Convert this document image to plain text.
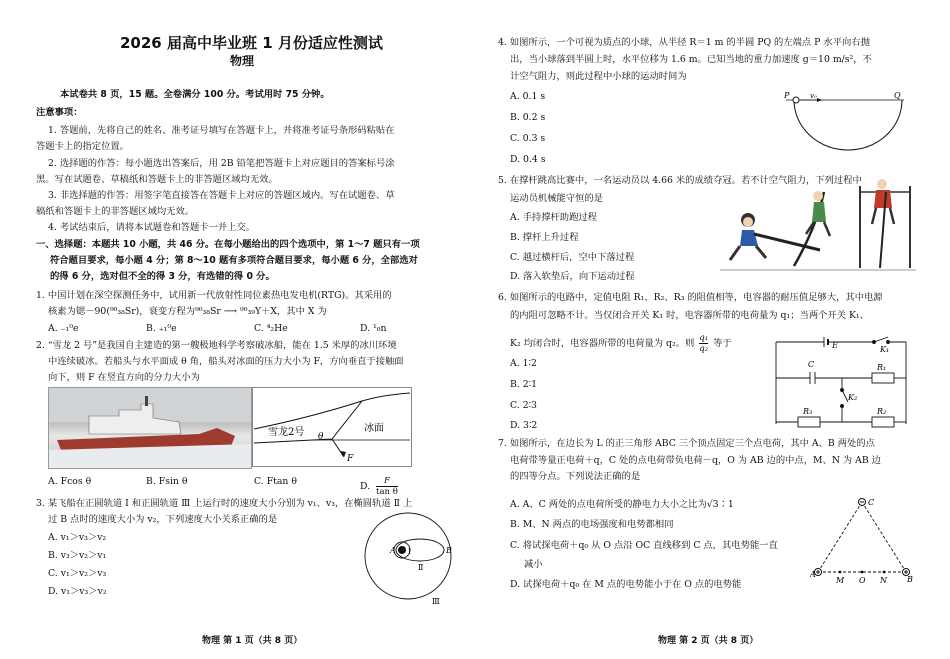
2026 届高中毕业班 1 月份适应性测试
物理
本试卷共 8 页，15 题。全卷满分 100 分。考试用时 75 分钟。
注意事项：
1. 答题前，先将自己的姓名、准考证号填写在答题卡上，并将准考证号条形码粘贴在
答题卡上的指定位置。
2. 选择题的作答：每小题选出答案后，用 2B 铅笔把答题卡上对应题目的答案标号涂
黑。写在试题卷、草稿纸和答题卡上的非答题区域均无效。
3. 非选择题的作答：用签字笔直接答在答题卡上对应的答题区域内。写在试题卷、草
稿纸和答题卡上的非答题区域均无效。
4. 考试结束后，请将本试题卷和答题卡一并上交。
一、选择题：本题共 10 小题，共 46 分。在每小题给出的四个选项中，第 1～7 题只有一项
符合题目要求，每小题 4 分；第 8～10 题有多项符合题目要求，每小题 6 分，全部选对
的得 6 分，选对但不全的得 3 分，有选错的得 0 分。
1. 中国计划在深空探测任务中，试用新一代放射性同位素热电发电机(RTG)。其采用的
核素为锶－90(⁹⁰₃₈Sr)，衰变方程为⁹⁰₃₈Sr ⟶ ⁹⁰₃₉Y＋X，其中 X 为
A. ₋₁⁰e	B. ₊₁⁰e	C. ⁴₂He	D. ¹₀n
2. “雪龙 2 号”是我国自主建造的第一艘极地科学考察破冰船，能在 1.5 米厚的冰川环境
中连续破冰。若船头与水平面成 θ 角，船头对冰面的压力大小为 F，方向垂直于接触面
向下，则 F 在竖直方向的分力大小为
雪龙2号	冰面
θ
F
A. Fcos θ	B. Fsin θ	C. Ftan θ	D. $\frac{F}{\text{tan θ}}$
3. 某飞船在正圆轨道 Ⅰ 和正圆轨道 Ⅲ 上运行时的速度大小分别为 v₁、v₃，在椭圆轨道 Ⅱ 上
过 B 点时的速度大小为 v₂，下列速度大小关系正确的是
A. v₁＞v₃＞v₂
B. v₃＞v₂＞v₁
C. v₁＞v₂＞v₃
D. v₁＞v₃＞v₂
A	B
Ⅰ
Ⅱ
Ⅲ
物理 第 1 页（共 8 页）
4. 如图所示，一个可视为质点的小球，从半径 R＝1 m 的半圆 PQ 的左端点 P 水平向右抛
出，当小球落到半圆上时，水平位移为 1.6 m。已知当地的重力加速度 g＝10 m/s²，不
计空气阻力，则此过程中小球的运动时间为
A. 0.1 s
B. 0.2 s
C. 0.3 s
D. 0.4 s
P	v₀	Q
5. 在撑杆跳高比赛中，一名运动员以 4.66 米的成绩夺冠。若不计空气阻力，下列过程中
运动员机械能守恒的是
A. 手持撑杆助跑过程
B. 撑杆上升过程
C. 越过横杆后，空中下落过程
D. 落入软垫后，向下运动过程
6. 如图所示的电路中，定值电阻 R₁、R₂、R₃ 的阻值相等，电容器的耐压值足够大，其中电源
的内阻可忽略不计。当仅闭合开关 K₁ 时，电容器所带的电荷量为 q₁；当两个开关 K₁、
K₂ 均闭合时，电容器所带的电荷量为 q₂。则 $\frac{\text{q₁}}{\text{q₂}}$ 等于
A. 1∶2
B. 2∶1
C. 2∶3
D. 3∶2
E	K₁
C	R₁
K₂
R₃	R₂
7. 如图所示，在边长为 L 的正三角形 ABC 三个顶点固定三个点电荷，其中 A、B 两处的点
电荷带等量正电荷＋q，C 处的点电荷带负电荷－q，O 为 AB 边的中点，M、N 为 AB 边
的四等分点。下列说法正确的是
A. A、C 两处的点电荷所受的静电力大小之比为√3∶1
B. M、N 两点的电场强度和电势都相同
C. 将试探电荷＋q₀ 从 O 点沿 OC 直线移到 C 点，其电势能一直
减小
D. 试探电荷＋q₀ 在 M 点的电势能小于在 O 点的电势能
C
A
B
M O N
物理 第 2 页（共 8 页）
